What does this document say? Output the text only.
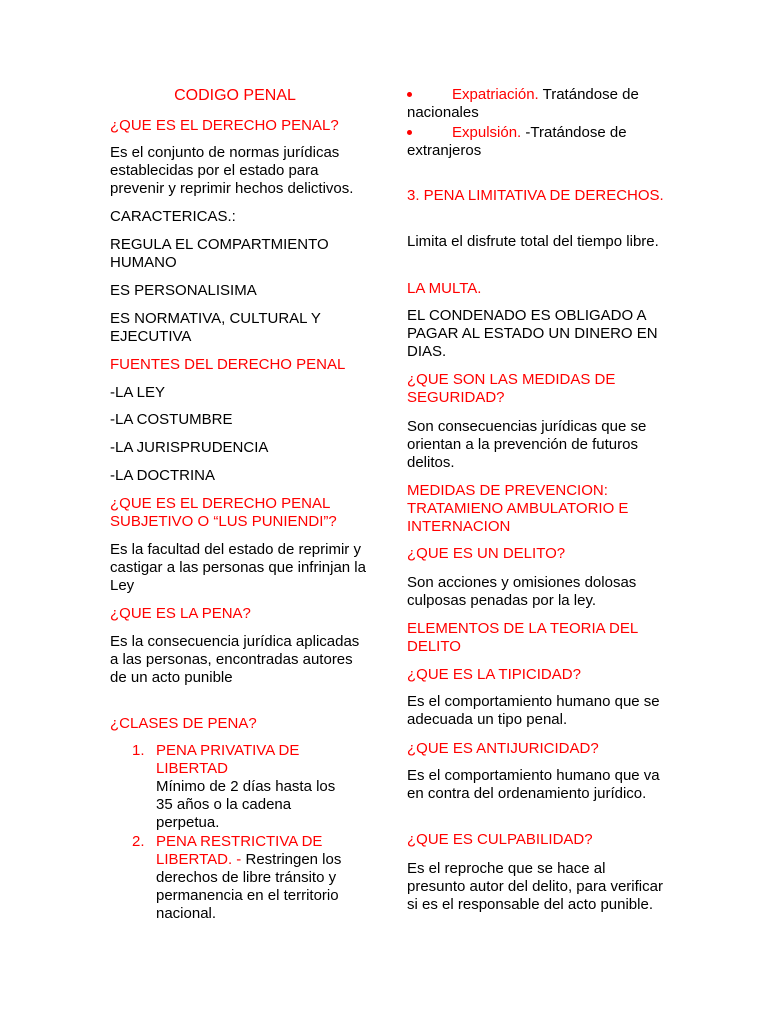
CODIGO PENAL
¿QUE ES EL DERECHO PENAL?
Es el conjunto de normas jurídicas establecidas por el estado para prevenir y reprimir hechos delictivos.
CARACTERICAS.:
REGULA EL COMPARTMIENTO HUMANO
ES PERSONALISIMA
ES NORMATIVA, CULTURAL Y EJECUTIVA
FUENTES DEL DERECHO PENAL
-LA LEY
-LA COSTUMBRE
-LA JURISPRUDENCIA
-LA DOCTRINA
¿QUE ES EL DERECHO PENAL SUBJETIVO O “LUS PUNIENDI”?
Es la facultad del estado de reprimir y castigar a las personas que infrinjan la Ley
¿QUE ES LA PENA?
Es la consecuencia jurídica aplicadas a las personas, encontradas autores de un acto punible
¿CLASES DE PENA?
1. PENA PRIVATIVA DE LIBERTAD
Mínimo de 2 días hasta los 35 años o la cadena perpetua.
2. PENA RESTRICTIVA DE LIBERTAD. - Restringen los derechos de libre tránsito y permanencia en el territorio nacional.
Expatriación. Tratándose de nacionales
Expulsión. -Tratándose de extranjeros
3. PENA LIMITATIVA DE DERECHOS.
Limita el disfrute total del tiempo libre.
LA MULTA.
EL CONDENADO ES OBLIGADO A PAGAR AL ESTADO UN DINERO EN DIAS.
¿QUE SON LAS MEDIDAS DE SEGURIDAD?
Son consecuencias jurídicas que se orientan a la prevención de futuros delitos.
MEDIDAS DE PREVENCION: TRATAMIENO AMBULATORIO E INTERNACION
¿QUE ES UN DELITO?
Son acciones y omisiones dolosas culposas penadas por la ley.
ELEMENTOS DE LA TEORIA DEL DELITO
¿QUE ES LA TIPICIDAD?
Es el comportamiento humano que se adecuada un tipo penal.
¿QUE ES ANTIJURICIDAD?
Es el comportamiento humano que va en contra del ordenamiento jurídico.
¿QUE ES CULPABILIDAD?
Es el reproche que se hace al presunto autor del delito, para verificar si es el responsable del acto punible.
